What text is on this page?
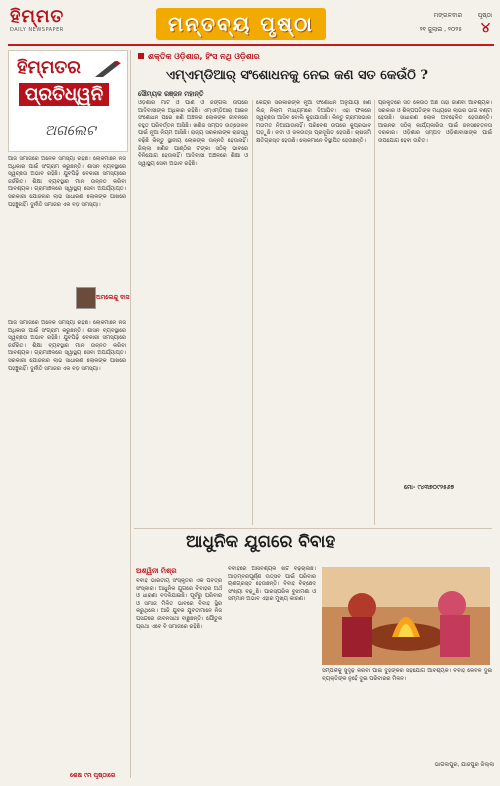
ହିମ୍ମତ
DAILY NEWSPAPER	ମନ୍ତବ୍ୟ ପୃଷ୍ଠା	ମଙ୍ଗଳବାର
୨୧ ଜୁଲାଇ , ୨୦୨୫
ପୃଷ୍ଠା
୪
ହିମ୍ମତର
ପ୍ରତିଧ୍ୱନି
ଅଗଲେଟ
ଶକ୍ତିକ ଓଡ଼ିଶାର, ହିଂସ ନଥି ଓଡ଼ିଶାର
ଏମ୍‌ଏମ୍‌ଡିଆର୍‌ ସଂଶୋଧନକୁ ନେଇ କଣ ସତ କେଉଁଠି ?
ସୌମ୍ୟକ ରଞ୍ଜନ ମହାନ୍ତି

ଓଡ଼ିଶାର ମାଟି ଓ ପାଣି ଓ ଜଙ୍ଗଲ ଉପରେ ଆଦିବାସୀଙ୍କ ଅଧିକାର ରହିଛି। ଏମ୍‌ଏମ୍‌ଡିଆର୍‌ ଆଇନ ସଂଶୋଧନ ପରେ ଖଣି ଅଞ୍ଚଳର ଲୋକଙ୍କ ଜୀବନରେ ବହୁତ ପରିବର୍ତ୍ତନ ଆସିଛି। ଖଣିଜ ସମ୍ପଦ ଉତ୍ତୋଳନ ପାଇଁ ନୂଆ ନିୟମ ଆସିଛି। ରାଜ୍ୟ ସରକାରଙ୍କ ରାଜସ୍ୱ ବଢ଼ିଛି କିନ୍ତୁ ସ୍ଥାନୀୟ ଲୋକଙ୍କ ଉନ୍ନତି ହେଉନାହିଁ। ଜିଲ୍ଲା ଖଣିଜ ପାଣ୍ଠିର ଟଙ୍କା ସଠିକ୍‌ ଭାବରେ ବିନିଯୋଗ ହେଉନାହିଁ। ଆଦିବାସୀ ଅଞ୍ଚଳରେ ଶିକ୍ଷା ଓ ସ୍ୱାସ୍ଥ୍ୟ ସେବା ଅଭାବ ରହିଛି।

କେନ୍ଦ୍ର ସରକାରଙ୍କ ନୂଆ ସଂଶୋଧନ ଅନୁଯାୟୀ ଖଣି ଲିଜ୍‌ ନିଲାମ ମାଧ୍ୟମରେ ଦିଆଯିବ। ଏହା ଫଳରେ ସ୍ୱଚ୍ଛତା ଆସିବ ବୋଲି କୁହାଯାଉଛି। କିନ୍ତୁ ଗ୍ରାମସଭାର ମତାମତ ନିଆଯାଉନାହିଁ। ପରିବେଶ ଉପରେ କୁପ୍ରଭାବ ପଡ଼ୁଛି। ନଦୀ ଓ ଜଳଉତ୍ସ ପ୍ରଦୂଷିତ ହେଉଛି। ଚାଷଜମି କ୍ଷତିଗ୍ରସ୍ତ ହେଉଛି। ଲୋକମାନେ ବିସ୍ଥାପିତ ହେଉଛନ୍ତି।

ପ୍ରକୃତରେ ସତ କେଉଁଠି ଅଛି ତାହା ଜାଣିବା ଆବଶ୍ୟକ। ସରକାର ଓ ଶିଳ୍ପପତିଙ୍କ ମଧ୍ୟରେ ଲାଭର ଭାଗ ବଣ୍ଟା ହେଉଛି। ସାଧାରଣ ଲୋକ ଅବହେଳିତ ହେଉଛନ୍ତି। ଆଇନର ସଠିକ୍‌ କାର୍ଯ୍ୟକାରିତା ପାଇଁ ଜନସଚେତନତା ଦରକାର। ଓଡ଼ିଶାର ସମ୍ପଦ ଓଡ଼ିଶାବାସୀଙ୍କ ପାଇଁ ଉପଯୋଗ ହେବା ଉଚିତ।

ମୋ- ୯୪୩୭୦୯୨୫୬୭

ଆଜି ସମାଜରେ ଅନେକ ସମସ୍ୟା ରହିଛି। ଲୋକମାନେ ନିଜ ଅଧିକାର ପାଇଁ ସଂଗ୍ରାମ କରୁଛନ୍ତି। ଶାସନ ବ୍ୟବସ୍ଥାରେ ସ୍ୱଚ୍ଛତା ଅଭାବ ରହିଛି। ଯୁବପିଢ଼ି ବେକାରୀ ସମସ୍ୟାରେ ଜର୍ଜରିତ। ଶିକ୍ଷା ବ୍ୟବସ୍ଥାର ମାନ ଉନ୍ନତ କରିବା ଆବଶ୍ୟକ। ଗ୍ରାମାଞ୍ଚଳରେ ସ୍ୱାସ୍ଥ୍ୟ ସେବା ଅପର୍ଯ୍ୟାପ୍ତ। ସରକାରୀ ଯୋଜନାର ଲାଭ ସାଧାରଣ ଲୋକଙ୍କ ପାଖରେ ପହଞ୍ଚୁନାହିଁ। ଦୁର୍ନୀତି ସମାଜର ଏକ ବଡ଼ ସମସ୍ୟା।

ଅମଲେନ୍ଦୁ ଦାସ

ଆଜି ସମାଜରେ ଅନେକ ସମସ୍ୟା ରହିଛି। ଲୋକମାନେ ନିଜ ଅଧିକାର ପାଇଁ ସଂଗ୍ରାମ କରୁଛନ୍ତି। ଶାସନ ବ୍ୟବସ୍ଥାରେ ସ୍ୱଚ୍ଛତା ଅଭାବ ରହିଛି। ଯୁବପିଢ଼ି ବେକାରୀ ସମସ୍ୟାରେ ଜର୍ଜରିତ। ଶିକ୍ଷା ବ୍ୟବସ୍ଥାର ମାନ ଉନ୍ନତ କରିବା ଆବଶ୍ୟକ। ଗ୍ରାମାଞ୍ଚଳରେ ସ୍ୱାସ୍ଥ୍ୟ ସେବା ଅପର୍ଯ୍ୟାପ୍ତ। ସରକାରୀ ଯୋଜନାର ଲାଭ ସାଧାରଣ ଲୋକଙ୍କ ପାଖରେ ପହଞ୍ଚୁନାହିଁ। ଦୁର୍ନୀତି ସମାଜର ଏକ ବଡ଼ ସମସ୍ୟା।

ଶେଷ ୯ମ ପୃଷ୍ଠାରେ
ଆଧୁନିକ ଯୁଗରେ ବିବାହ
ଅଶ୍ୱିନୀ ମିଶ୍ର

ବିବାହ ଭାରତୀୟ ସଂସ୍କୃତିର ଏକ ପବିତ୍ର ସଂସ୍କାର। ଆଧୁନିକ ଯୁଗରେ ବିବାହର ଅର୍ଥ ଓ ଧାରଣା ବଦଳିଯାଇଛି। ପୂର୍ବରୁ ପରିବାର ଓ ସମାଜ ମିଳିତ ଭାବରେ ବିବାହ ସ୍ଥିର କରୁଥିଲେ। ଆଜି ଯୁବକ ଯୁବତୀମାନେ ନିଜ ପସନ୍ଦରେ ଜୀବନସାଥୀ ବାଛୁଛନ୍ତି। ଯୌତୁକ ପ୍ରଥା ଏବେ ବି ସମାଜରେ ରହିଛି।

ବିବାହରେ ଅନାବଶ୍ୟକ ଖର୍ଚ୍ଚ ବଢ଼ିଚାଲିଛି। ଆଡ଼ମ୍ବରପୂର୍ଣ୍ଣ ଉତ୍ସବ ପାଇଁ ପରିବାର ଋଣଗ୍ରସ୍ତ ହେଉଛନ୍ତି। ବିବାହ ବିଚ୍ଛେଦ ସଂଖ୍ୟା ବଢ଼ୁଛି। ପାରସ୍ପରିକ ବୁଝାମଣା ଓ ସମ୍ମାନ ଅଭାବ ଏହାର ମୁଖ୍ୟ କାରଣ।

ସମ୍ପର୍କକୁ ସୁଦୃଢ଼ କରିବା ପାଇଁ ଦୁହିଁଙ୍କର ସହଯୋଗ ଆବଶ୍ୟକ। ବିବାହ କେବଳ ଦୁଇ ବ୍ୟକ୍ତିଙ୍କ ନୁହେଁ ଦୁଇ ପରିବାରର ମିଳନ।

ଭାଗଲପୁର, ଯାଜପୁର ଜିଲ୍ଲା
